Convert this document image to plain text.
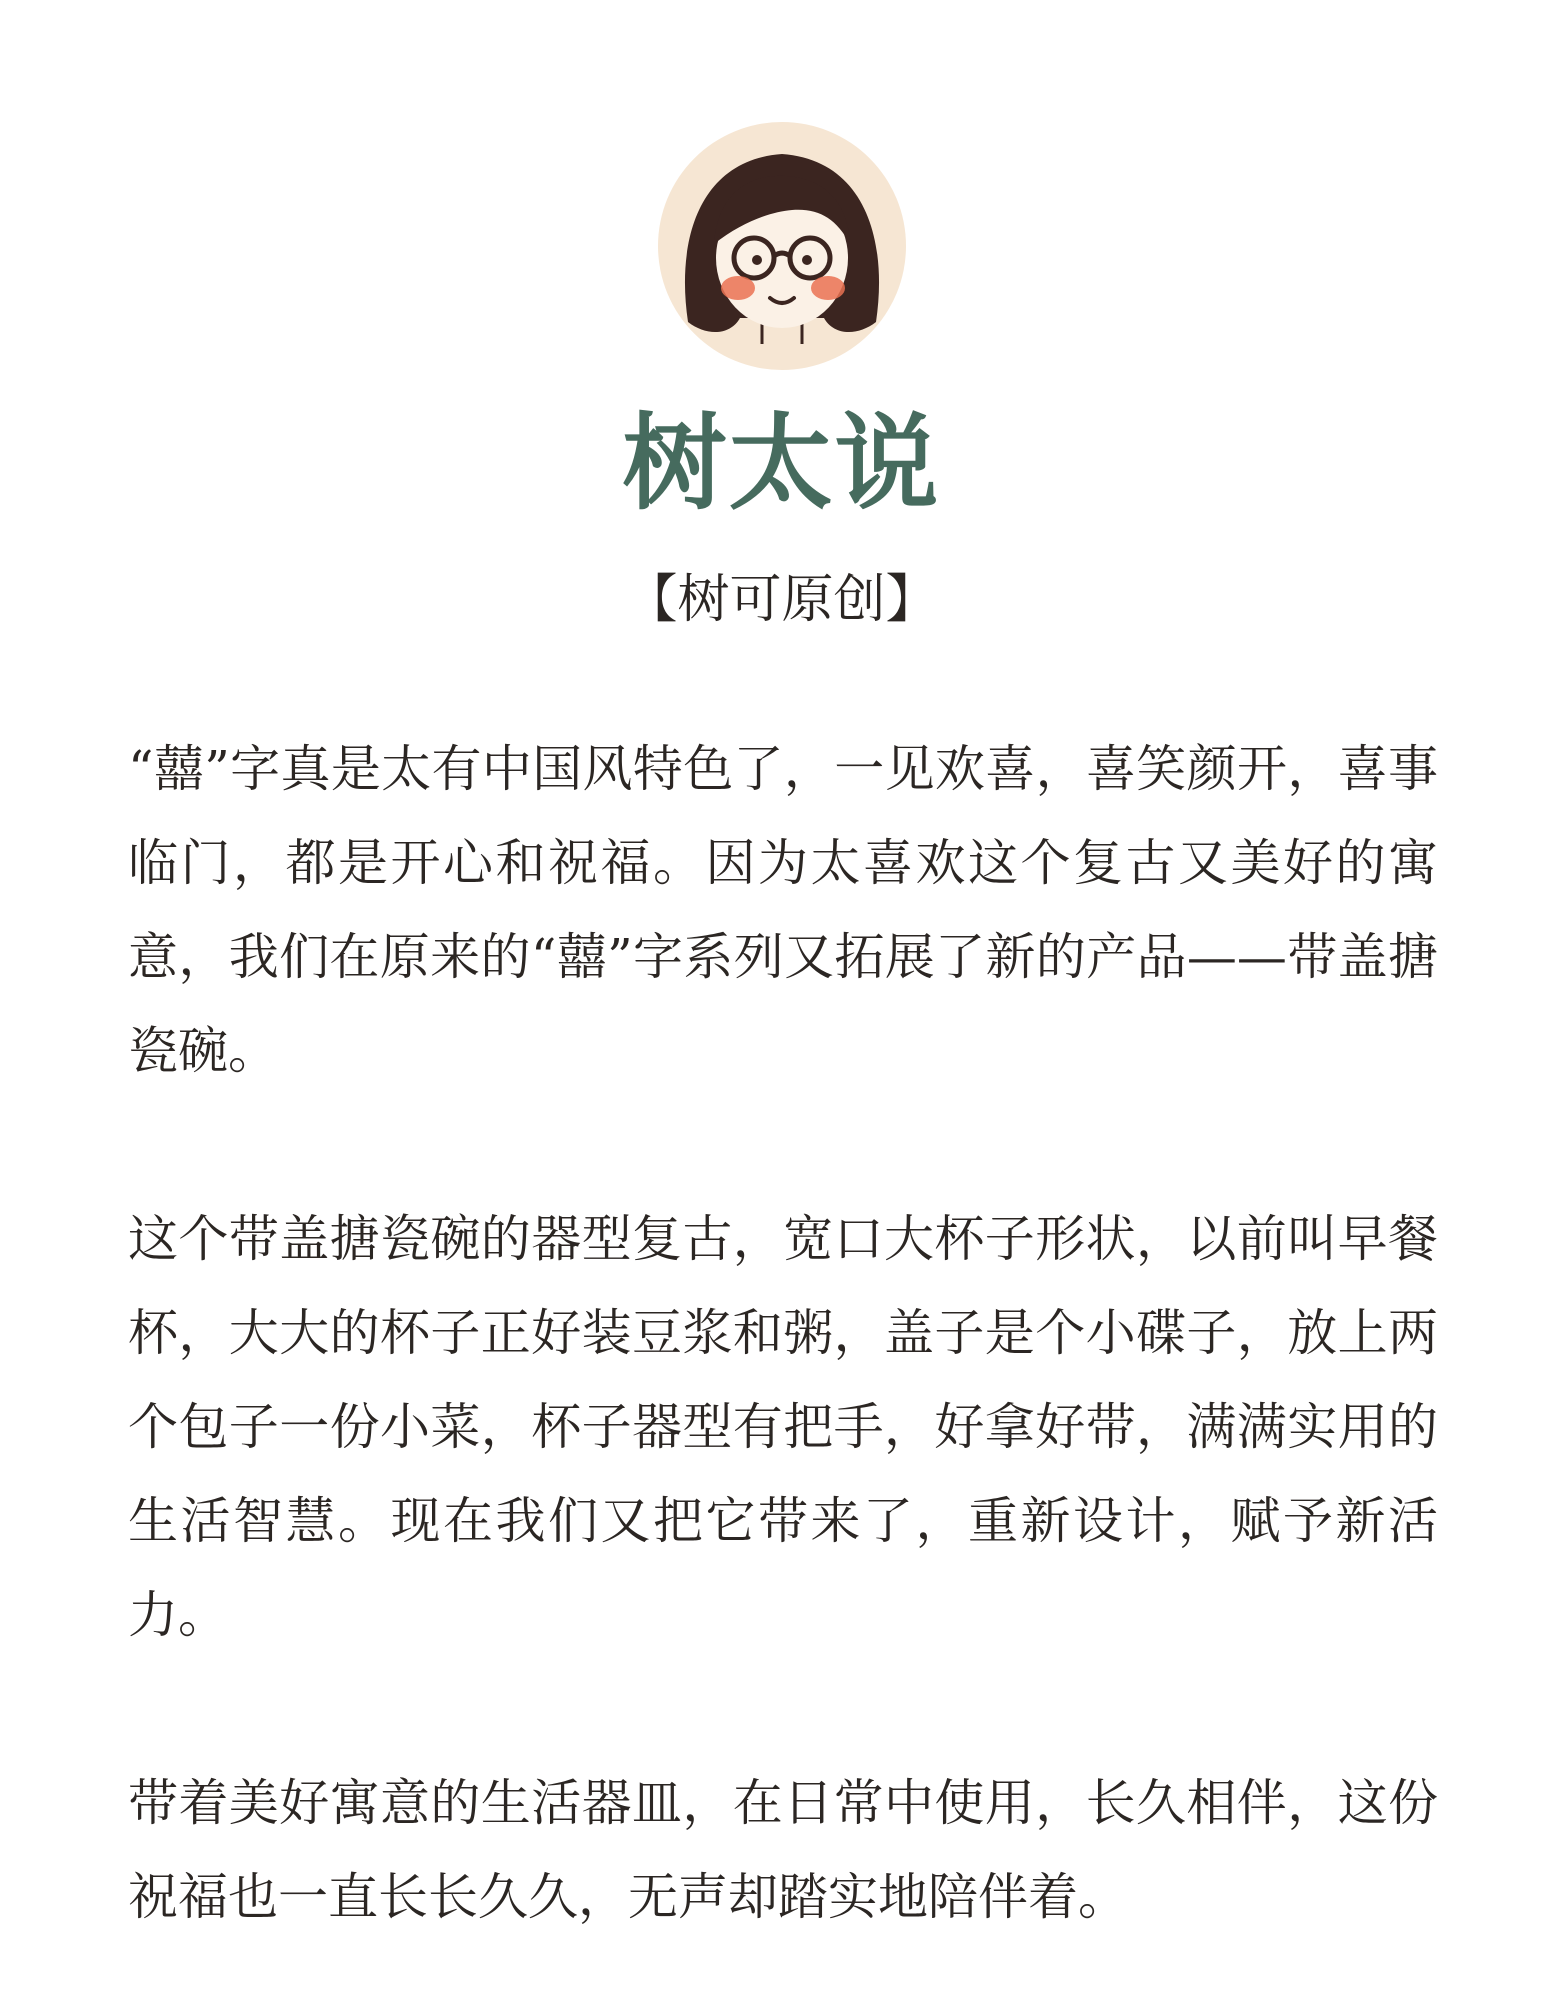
树太说
【树可原创】

“囍”字真是太有中国风特色了，一见欢喜，喜笑颜开，喜事临门，都是开心和祝福。因为太喜欢这个复古又美好的寓意，我们在原来的“囍”字系列又拓展了新的产品——带盖搪瓷碗。

这个带盖搪瓷碗的器型复古，宽口大杯子形状，以前叫早餐杯，大大的杯子正好装豆浆和粥，盖子是个小碟子，放上两个包子一份小菜，杯子器型有把手，好拿好带，满满实用的生活智慧。现在我们又把它带来了，重新设计，赋予新活力。

带着美好寓意的生活器皿，在日常中使用，长久相伴，这份祝福也一直长长久久，无声却踏实地陪伴着。
